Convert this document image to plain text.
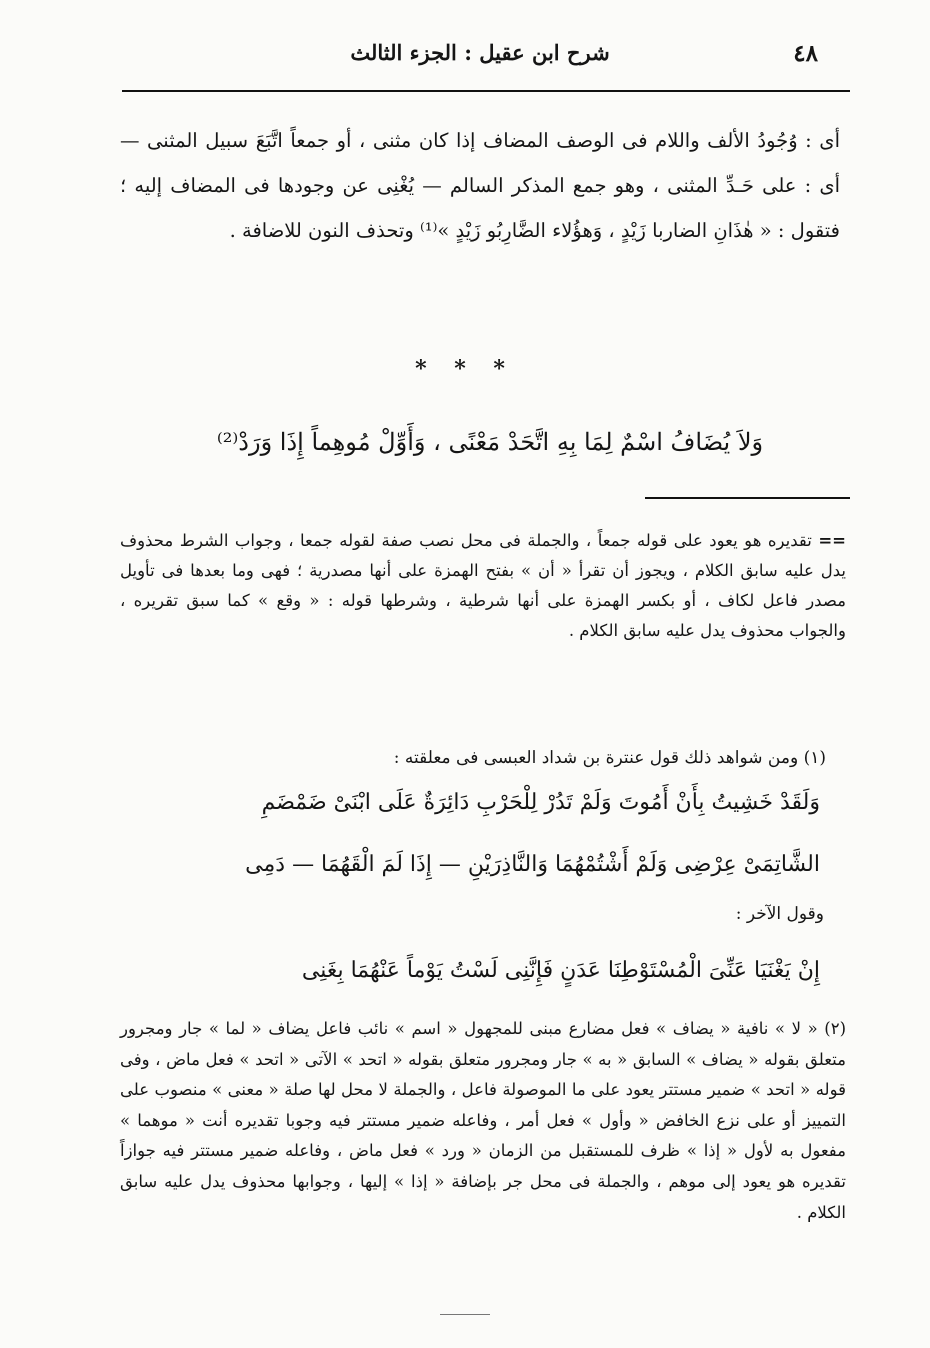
٤٨
شرح ابن عقيل : الجزء الثالث

أى : وُجُودُ الألف واللام فى الوصف المضاف إذا كان مثنى ، أو جمعاً اتَّبَعَ سبيل المثنى — أى : على حَـدِّ المثنى ، وهو جمع المذكر السالم — يُغْنِى عن وجودها فى المضاف إليه ؛ فتقول : « هٰذَانِ الضاربا زَيْدٍ ، وَهؤُلاء الضَّارِبُو زَيْدٍ »⁽¹⁾ وتحذف النون للاضافة .

* * *
وَلاَ يُضَافُ اسْمٌ لِمَا بِهِ اتَّحَدْ مَعْنًى ، وَأَوِّلْ مُوهِماً إِذَا وَرَدْ⁽²⁾

== تقديره هو يعود على قوله جمعاً ، والجملة فى محل نصب صفة لقوله جمعا ، وجواب الشرط محذوف يدل عليه سابق الكلام ، ويجوز أن تقرأ « أن » بفتح الهمزة على أنها مصدرية ؛ فهى وما بعدها فى تأويل مصدر فاعل لكاف ، أو بكسر الهمزة على أنها شرطية ، وشرطها قوله : « وقع » كما سبق تقريره ، والجواب محذوف يدل عليه سابق الكلام .

(١) ومن شواهد ذلك قول عنترة بن شداد العبسى فى معلقته :
وَلَقَدْ خَشِيتُ بِأَنْ أَمُوتَ وَلَمْ تَدُرْ لِلْحَرْبِ دَائِرَةٌ عَلَى ابْنَىْ ضَمْضَمِ
الشَّاتِمَىْ عِرْضِى وَلَمْ أَشْتُمْهُمَا وَالنَّاذِرَيْنِ — إِذَا لَمَ الْقَهُمَا — دَمِى
وقول الآخر :
إِنْ يَغْنَيَا عَنِّىَ الْمُسْتَوْطِنَا عَدَنٍ فَإِنَّنِى لَسْتُ يَوْماً عَنْهُمَا بِغَنِى

(٢) « لا » نافية « يضاف » فعل مضارع مبنى للمجهول « اسم » نائب فاعل يضاف « لما » جار ومجرور متعلق بقوله « يضاف » السابق « به » جار ومجرور متعلق بقوله « اتحد » الآتى « اتحد » فعل ماض ، وفى قوله « اتحد » ضمير مستتر يعود على ما الموصولة فاعل ، والجملة لا محل لها صلة « معنى » منصوب على التمييز أو على نزع الخافض « وأول » فعل أمر ، وفاعله ضمير مستتر فيه وجوبا تقديره أنت « موهما » مفعول به لأول « إذا » ظرف للمستقبل من الزمان « ورد » فعل ماض ، وفاعله ضمير مستتر فيه جوازاً تقديره هو يعود إلى موهم ، والجملة فى محل جر بإضافة « إذا » إليها ، وجوابها محذوف يدل عليه سابق الكلام .
